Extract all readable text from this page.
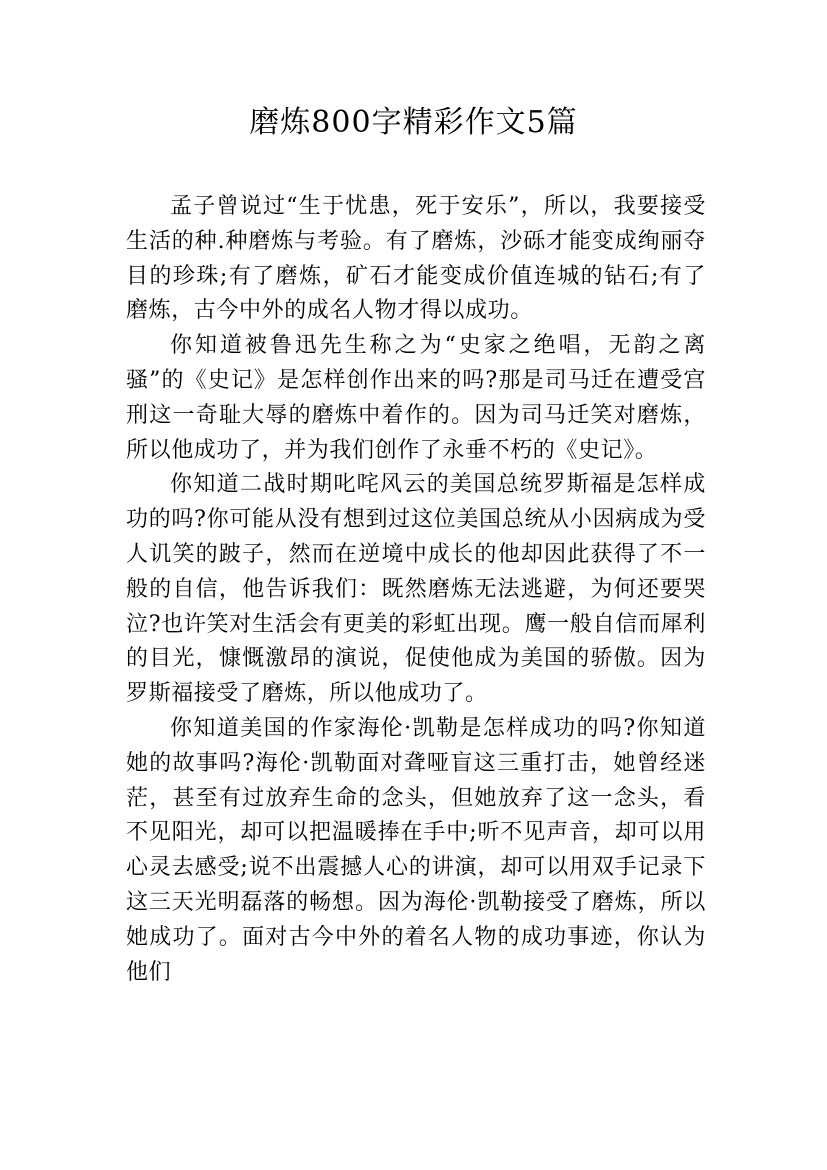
磨炼800字精彩作文5篇

孟子曾说过“生于忧患，死于安乐”，所以，我要接受生活的种.种磨炼与考验。有了磨炼，沙砾才能变成绚丽夺目的珍珠;有了磨炼，矿石才能变成价值连城的钻石;有了磨炼，古今中外的成名人物才得以成功。

你知道被鲁迅先生称之为“史家之绝唱，无韵之离骚”的《史记》是怎样创作出来的吗?那是司马迁在遭受宫刑这一奇耻大辱的磨炼中着作的。因为司马迁笑对磨炼，所以他成功了，并为我们创作了永垂不朽的《史记》。

你知道二战时期叱咤风云的美国总统罗斯福是怎样成功的吗?你可能从没有想到过这位美国总统从小因病成为受人讥笑的跛子，然而在逆境中成长的他却因此获得了不一般的自信，他告诉我们：既然磨炼无法逃避，为何还要哭泣?也许笑对生活会有更美的彩虹出现。鹰一般自信而犀利的目光，慷慨激昂的演说，促使他成为美国的骄傲。因为罗斯福接受了磨炼，所以他成功了。

你知道美国的作家海伦·凯勒是怎样成功的吗?你知道她的故事吗?海伦·凯勒面对聋哑盲这三重打击，她曾经迷茫，甚至有过放弃生命的念头，但她放弃了这一念头，看不见阳光，却可以把温暖捧在手中;听不见声音，却可以用心灵去感受;说不出震撼人心的讲演，却可以用双手记录下这三天光明磊落的畅想。因为海伦·凯勒接受了磨炼，所以她成功了。面对古今中外的着名人物的成功事迹，你认为他们
